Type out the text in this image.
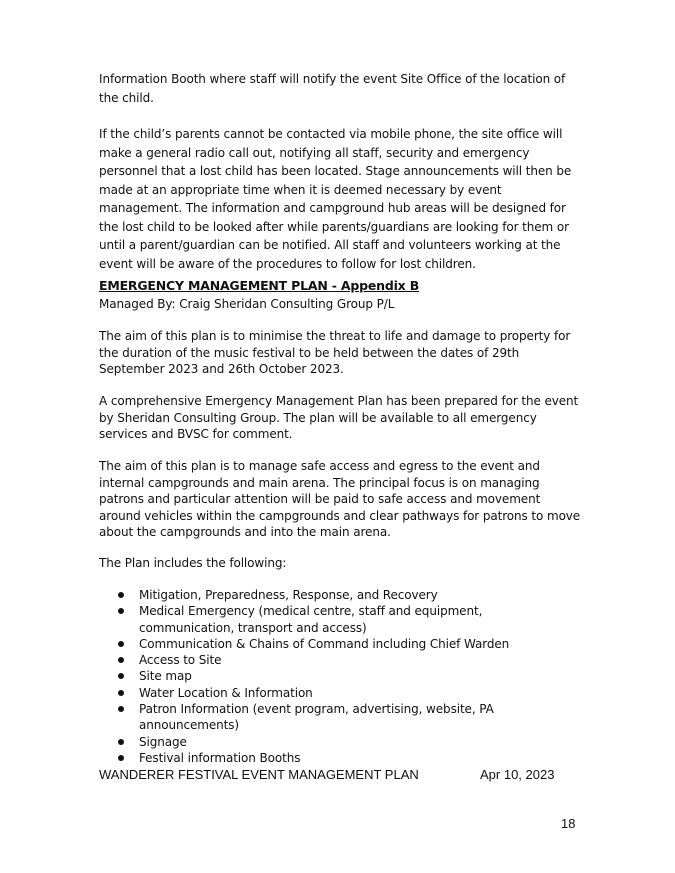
Information Booth where staff will notify the event Site Office of the location of the child.
If the child’s parents cannot be contacted via mobile phone, the site office will make a general radio call out, notifying all staff, security and emergency personnel that a lost child has been located. Stage announcements will then be made at an appropriate time when it is deemed necessary by event management. The information and campground hub areas will be designed for the lost child to be looked after while parents/guardians are looking for them or until a parent/guardian can be notified. All staff and volunteers working at the event will be aware of the procedures to follow for lost children.
EMERGENCY MANAGEMENT PLAN - Appendix B
Managed By: Craig Sheridan Consulting Group P/L
The aim of this plan is to minimise the threat to life and damage to property for the duration of the music festival to be held between the dates of 29th September 2023 and 26th October 2023.
A comprehensive Emergency Management Plan has been prepared for the event by Sheridan Consulting Group. The plan will be available to all emergency services and BVSC for comment.
The aim of this plan is to manage safe access and egress to the event and internal campgrounds and main arena. The principal focus is on managing patrons and particular attention will be paid to safe access and movement around vehicles within the campgrounds and clear pathways for patrons to move about the campgrounds and into the main arena.
The Plan includes the following:
Mitigation, Preparedness, Response, and Recovery
Medical Emergency (medical centre, staff and equipment, communication, transport and access)
Communication & Chains of Command including Chief Warden
Access to Site
Site map
Water Location & Information
Patron Information (event program, advertising, website, PA announcements)
Signage
Festival information Booths
WANDERER FESTIVAL EVENT MANAGEMENT PLAN	Apr 10, 2023
18
